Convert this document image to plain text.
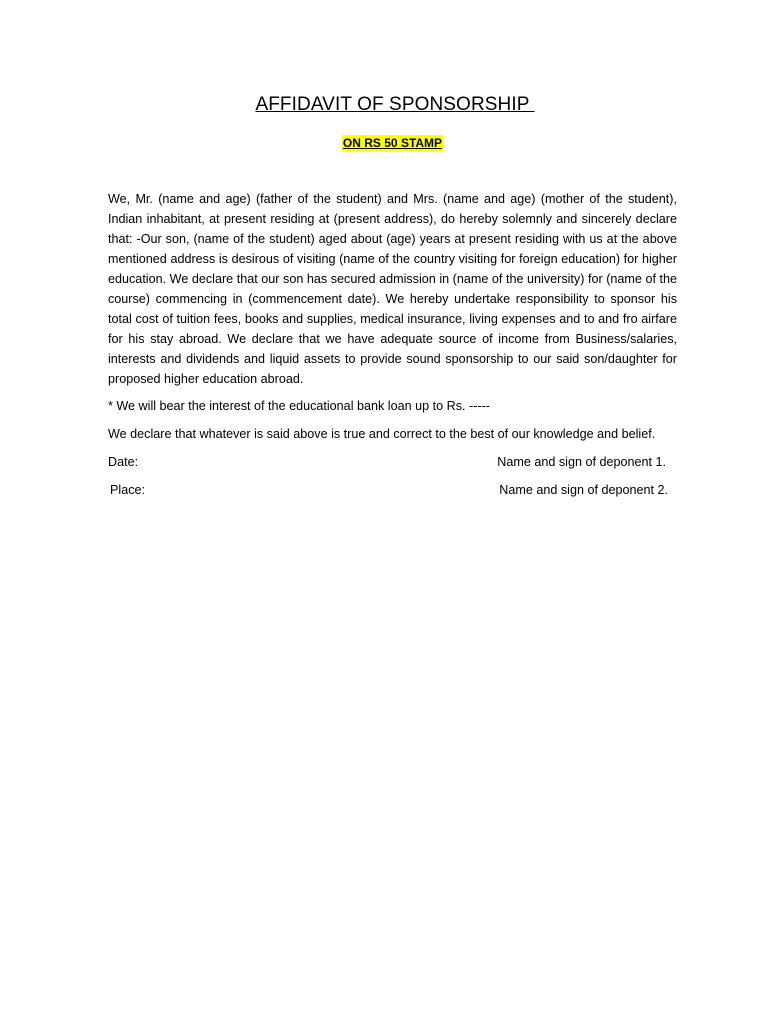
AFFIDAVIT OF SPONSORSHIP
ON RS 50 STAMP

We, Mr. (name and age) (father of the student) and Mrs. (name and age) (mother of the student), Indian inhabitant, at present residing at (present address), do hereby solemnly and sincerely declare that: -Our son, (name of the student) aged about (age) years at present residing with us at the above mentioned address is desirous of visiting (name of the country visiting for foreign education) for higher education. We declare that our son has secured admission in (name of the university) for (name of the course) commencing in (commencement date). We hereby undertake responsibility to sponsor his total cost of tuition fees, books and supplies, medical insurance, living expenses and to and fro airfare for his stay abroad. We declare that we have adequate source of income from Business/salaries, interests and dividends and liquid assets to provide sound sponsorship to our said son/daughter for proposed higher education abroad.

* We will bear the interest of the educational bank loan up to Rs. -----

We declare that whatever is said above is true and correct to the best of our knowledge and belief.

Date:	Name and sign of deponent 1.
Place:	Name and sign of deponent 2.
